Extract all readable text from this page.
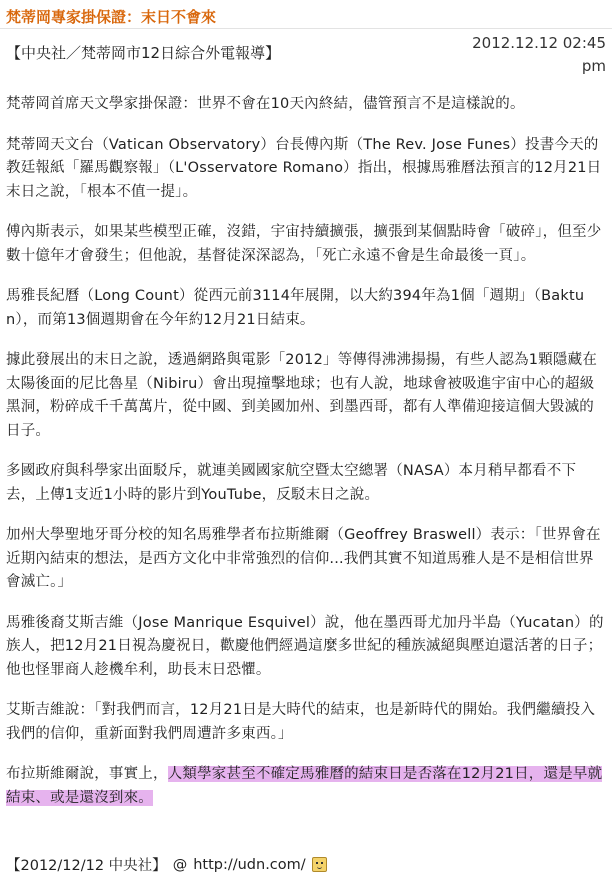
梵蒂岡專家掛保證：末日不會來
【中央社／梵蒂岡市12日綜合外電報導】
2012.12.12 02:45 pm

梵蒂岡首席天文學家掛保證：世界不會在10天內終結，儘管預言不是這樣說的。

梵蒂岡天文台（Vatican Observatory）台長傅內斯（The Rev. Jose Funes）投書今天的教廷報紙「羅馬觀察報」（L'Osservatore Romano）指出，根據馬雅曆法預言的12月21日末日之說，「根本不值一提」。

傅內斯表示，如果某些模型正確，沒錯，宇宙持續擴張，擴張到某個點時會「破碎」，但至少數十億年才會發生；但他說，基督徒深深認為，「死亡永遠不會是生命最後一頁」。

馬雅長紀曆（Long Count）從西元前3114年展開，以大約394年為1個「週期」（Baktun），而第13個週期會在今年約12月21日結束。

據此發展出的末日之說，透過網路與電影「2012」等傳得沸沸揚揚，有些人認為1顆隱藏在太陽後面的尼比魯星（Nibiru）會出現撞擊地球；也有人說，地球會被吸進宇宙中心的超級黑洞，粉碎成千千萬萬片，從中國、到美國加州、到墨西哥，都有人準備迎接這個大毀滅的日子。

多國政府與科學家出面駁斥，就連美國國家航空暨太空總署（NASA）本月稍早都看不下去，上傳1支近1小時的影片到YouTube，反駁末日之說。

加州大學聖地牙哥分校的知名馬雅學者布拉斯維爾（Geoffrey Braswell）表示：「世界會在近期內結束的想法，是西方文化中非常強烈的信仰...我們其實不知道馬雅人是不是相信世界會滅亡。」

馬雅後裔艾斯吉維（Jose Manrique Esquivel）說，他在墨西哥尤加丹半島（Yucatan）的族人，把12月21日視為慶祝日，歡慶他們經過這麼多世紀的種族滅絕與壓迫還活著的日子；他也怪罪商人趁機牟利，助長末日恐懼。

艾斯吉維說：「對我們而言，12月21日是大時代的結束，也是新時代的開始。我們繼續投入我們的信仰，重新面對我們周遭許多東西。」

布拉斯維爾說，事實上，人類學家甚至不確定馬雅曆的結束日是否落在12月21日，還是早就結束、或是還沒到來。

【2012/12/12 中央社】 @ http://udn.com/
